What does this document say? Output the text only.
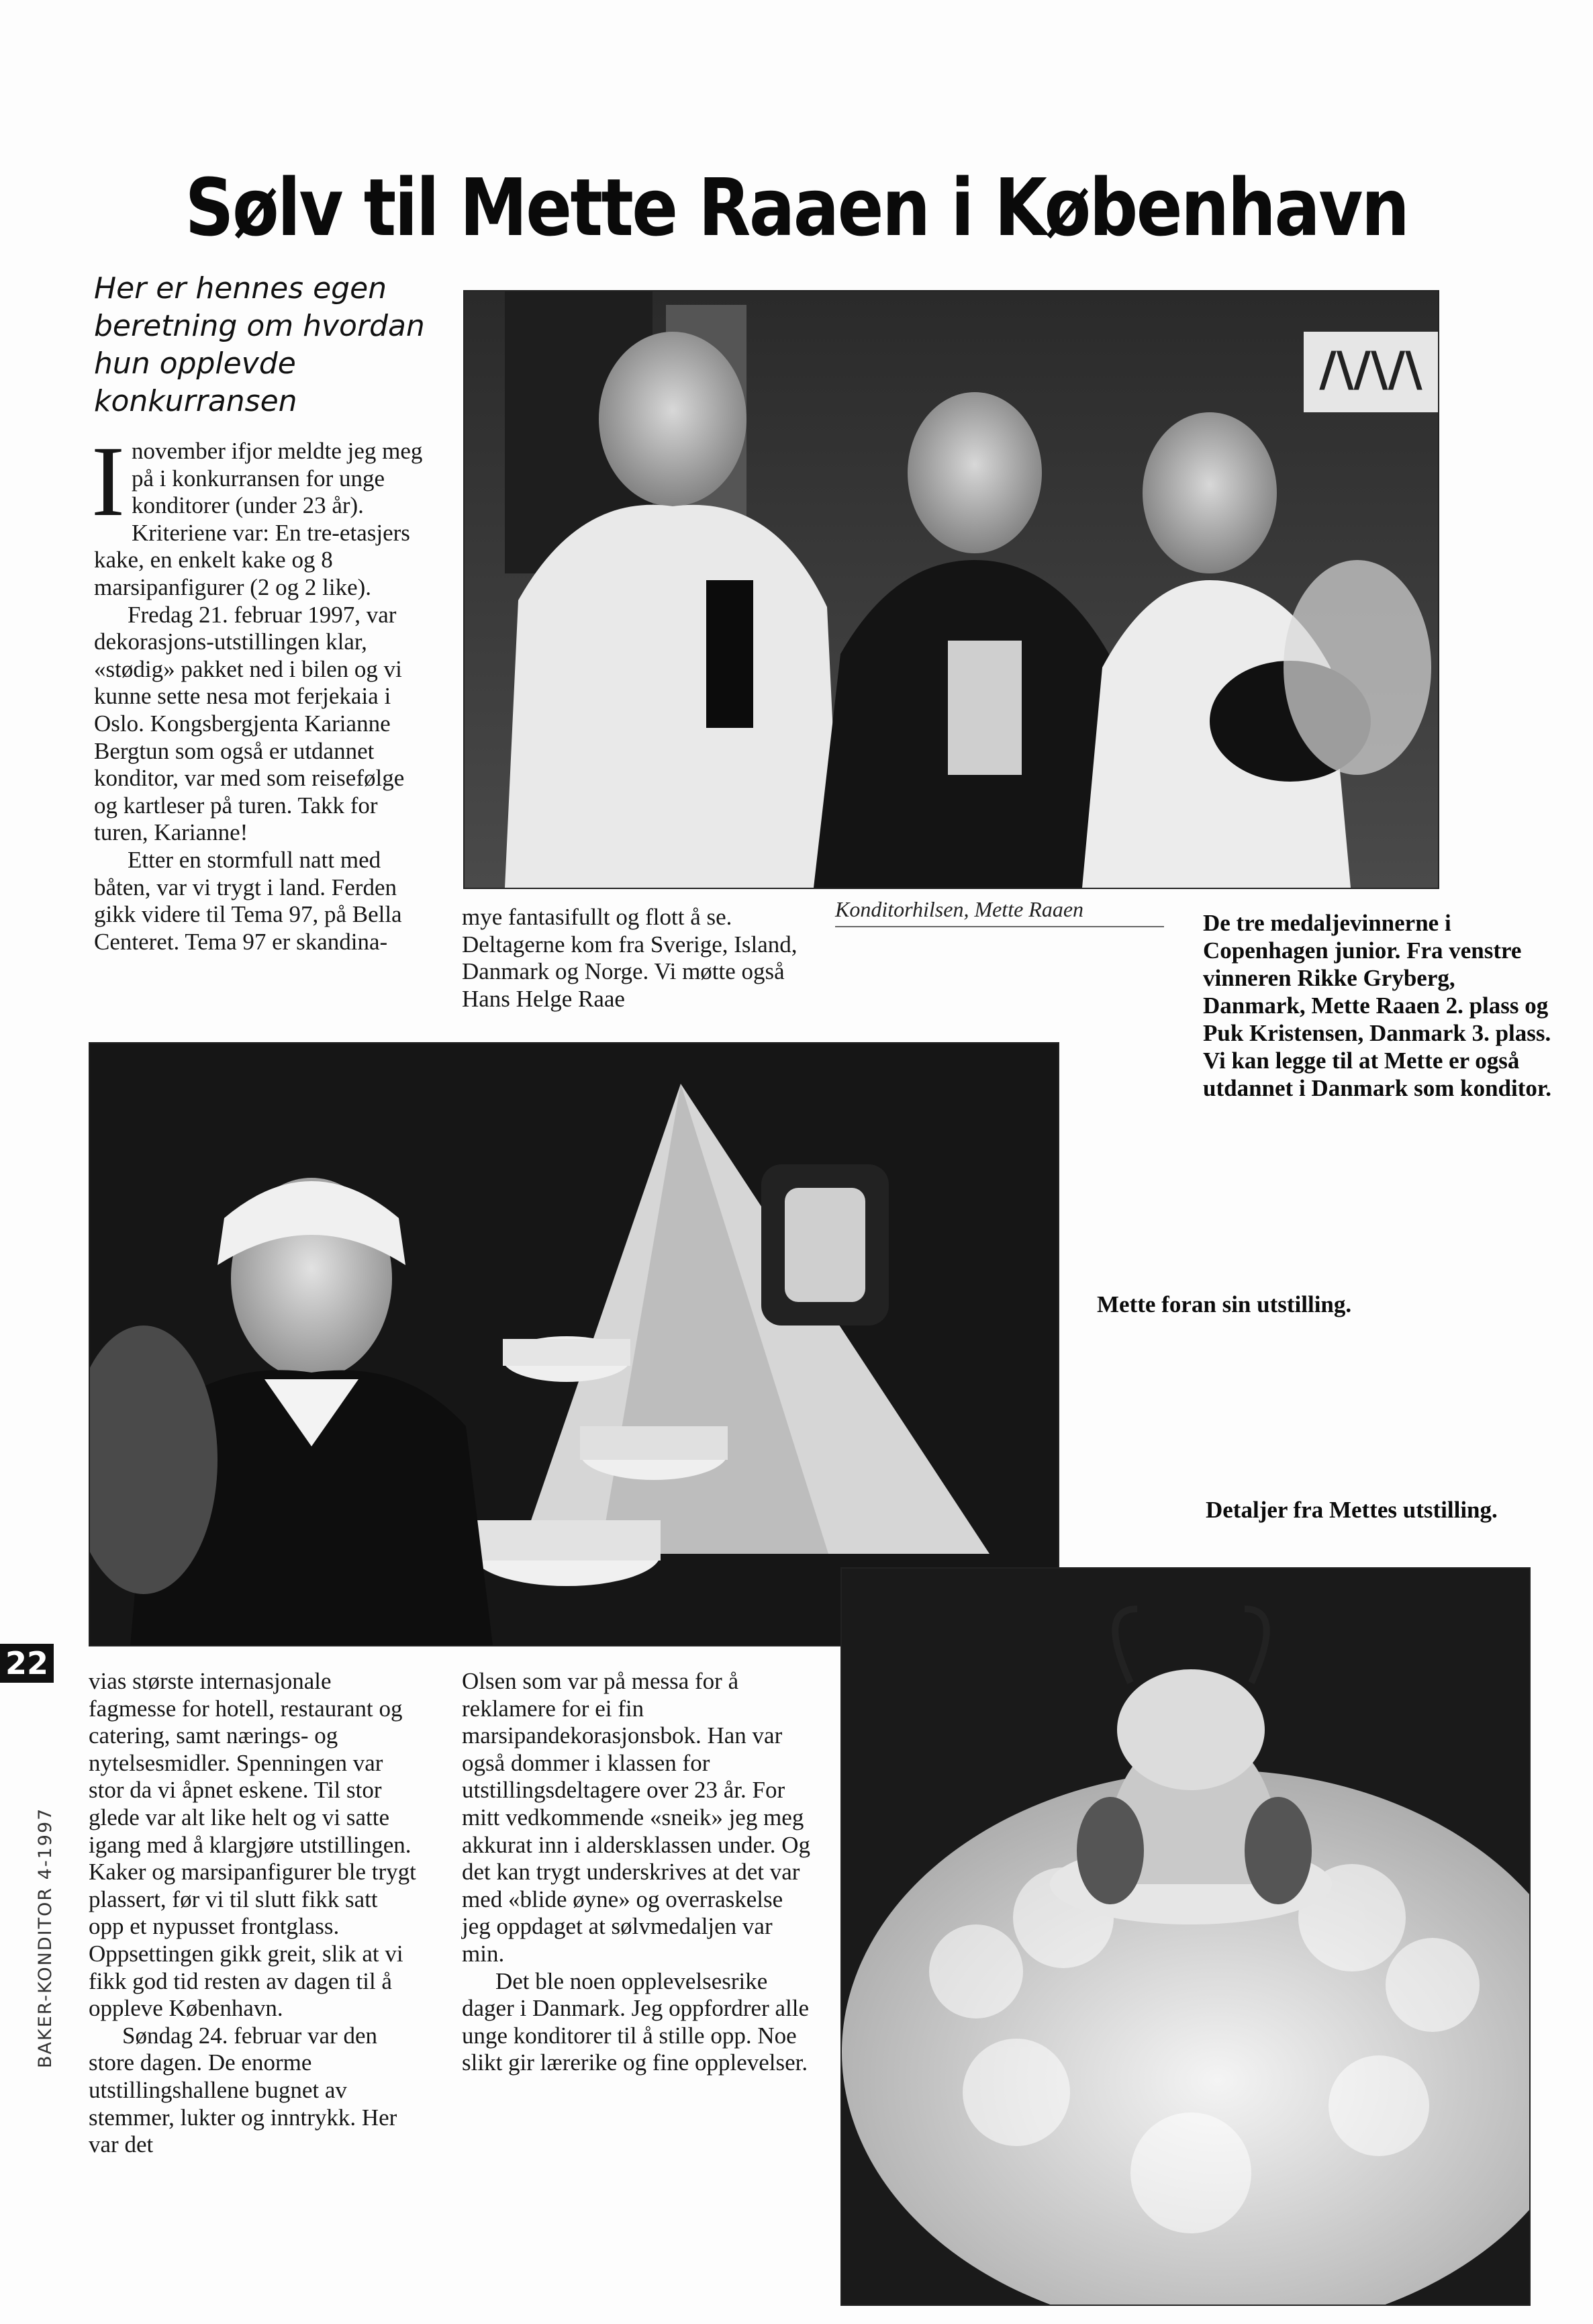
Sølv til Mette Raaen i København
Her er hennes egen beretning om hvordan hun opplevde konkurransen

Inovember ifjor meldte jeg meg på i konkurransen for unge konditorer (under 23 år). Kriteriene var: En tre-etasjers kake, en enkelt kake og 8 marsipanfigurer (2 og 2 like).

Fredag 21. februar 1997, var dekorasjons-utstillingen klar, «stødig» pakket ned i bilen og vi kunne sette nesa mot ferjekaia i Oslo. Kongsbergjenta Karianne Bergtun som også er utdannet konditor, var med som reisefølge og kartleser på turen. Takk for turen, Karianne!

Etter en stormfull natt med båten, var vi trygt i land. Ferden gikk videre til Tema 97, på Bella Centeret. Tema 97 er skandina-

mye fantasifullt og flott å se. Deltagerne kom fra Sverige, Island, Danmark og Norge. Vi møtte også Hans Helge Raae

Konditorhilsen, Mette Raaen
/\/\/\
De tre medaljevinnerne i Copenhagen junior. Fra venstre vinneren Rikke Gryberg, Danmark, Mette Raaen 2. plass og Puk Kristensen, Danmark 3. plass. Vi kan legge til at Mette er også utdannet i Danmark som konditor.
Mette foran sin utstilling.
Detaljer fra Mettes utstilling.

vias største internasjonale fagmesse for hotell, restaurant og catering, samt nærings- og nytelsesmidler. Spenningen var stor da vi åpnet eskene. Til stor glede var alt like helt og vi satte igang med å klargjøre utstillingen. Kaker og marsipanfigurer ble trygt plassert, før vi til slutt fikk satt opp et nypusset frontglass. Oppsettingen gikk greit, slik at vi fikk god tid resten av dagen til å oppleve København.

Søndag 24. februar var den store dagen. De enorme utstillingshallene bugnet av stemmer, lukter og inntrykk. Her var det

Olsen som var på messa for å reklamere for ei fin marsipandekorasjonsbok. Han var også dommer i klassen for utstillingsdeltagere over 23 år. For mitt vedkommende «sneik» jeg meg akkurat inn i aldersklassen under. Og det kan trygt underskrives at det var med «blide øyne» og overraskelse jeg oppdaget at sølvmedaljen var min.

Det ble noen opplevelsesrike dager i Danmark. Jeg oppfordrer alle unge konditorer til å stille opp. Noe slikt gir lærerike og fine opplevelser.

22
BAKER-KONDITOR 4-1997
